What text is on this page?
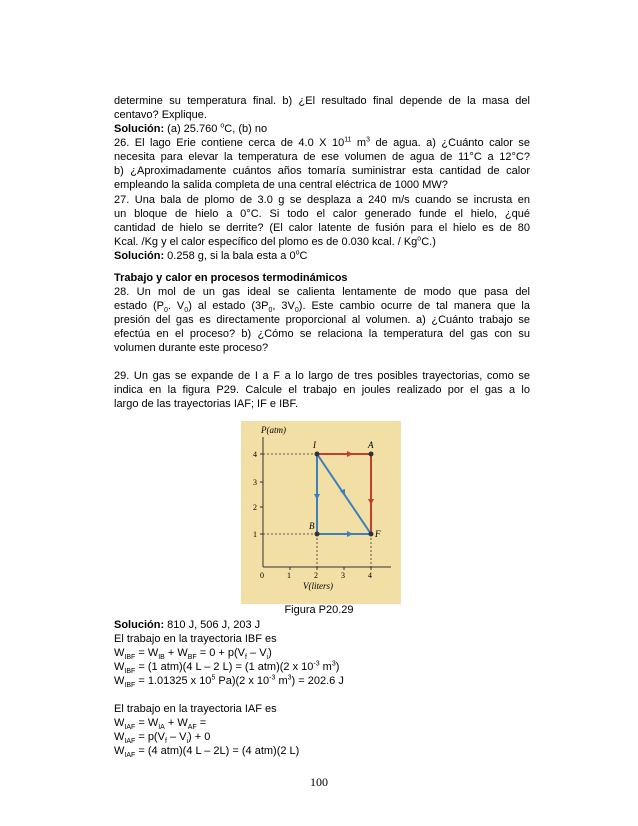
determine su temperatura final. b) ¿El resultado final depende de la masa del
centavo? Explique.
Solución: (a) 25.760 $^o$C, (b) no
26. El lago Erie contiene cerca de 4.0 X $10^{11}$ $m^3$ de agua. a) ¿Cuánto calor se
necesita para elevar la temperatura de ese volumen de agua de 11°C a 12°C?
b) ¿Aproximadamente cuántos años tomaría suministrar esta cantidad de calor
empleando la salida completa de una central eléctrica de 1000 MW?
27. Una bala de plomo de 3.0 g se desplaza a 240 m/s cuando se incrusta en
un bloque de hielo a 0°C. Si todo el calor generado funde el hielo, ¿qué
cantidad de hielo se derrite? (El calor latente de fusión para el hielo es de 80
Kcal. /Kg y el calor específico del plomo es de 0.030 kcal. / Kg$^o$C.)
Solución: 0.258 g, si la bala esta a 0$^o$C
Trabajo y calor en procesos termodinámicos
28. Un mol de un gas ideal se calienta lentamente de modo que pasa del
estado ($P_0$. $V_0$) al estado ($3P_0$, $3V_0$). Este cambio ocurre de tal manera que la
presión del gas es directamente proporcional al volumen. a) ¿Cuánto trabajo se
efectúa en el proceso? b) ¿Cómo se relaciona la temperatura del gas con su
volumen durante este proceso?
29. Un gas se expande de I a F a lo largo de tres posibles trayectorias, como se
indica en la figura P29. Calcule el trabajo en joules realizado por el gas a lo
largo de las trayectorias IAF; IF e IBF.
I	A
B
F
4
3
2
1
0	1	2	3	4
P(atm)
V(liters)
Figura P20.29
Solución: 810 J, 506 J, 203 J
El trabajo en la trayectoria IBF es
$W_{IBF} = W_{IB} + W_{BF} = 0 + p(V_f - V_i)$
$W_{IBF} = (1$ atm)(4 L – 2 L) = (1 atm)(2 x $10^{-3}$ $m^3$)
$W_{IBF} = 1.01325$ x $10^5$ Pa)(2 x $10^{-3}$ $m^3) = 202.6$ J

El trabajo en la trayectoria IAF es
$W_{IAF} = W_{IA} + W_{AF}$ =
$W_{IAF} = p(V_f - V_i) + 0$
$W_{IAF} = (4$ atm)(4 L – 2L) = (4 atm)(2 L)
100
